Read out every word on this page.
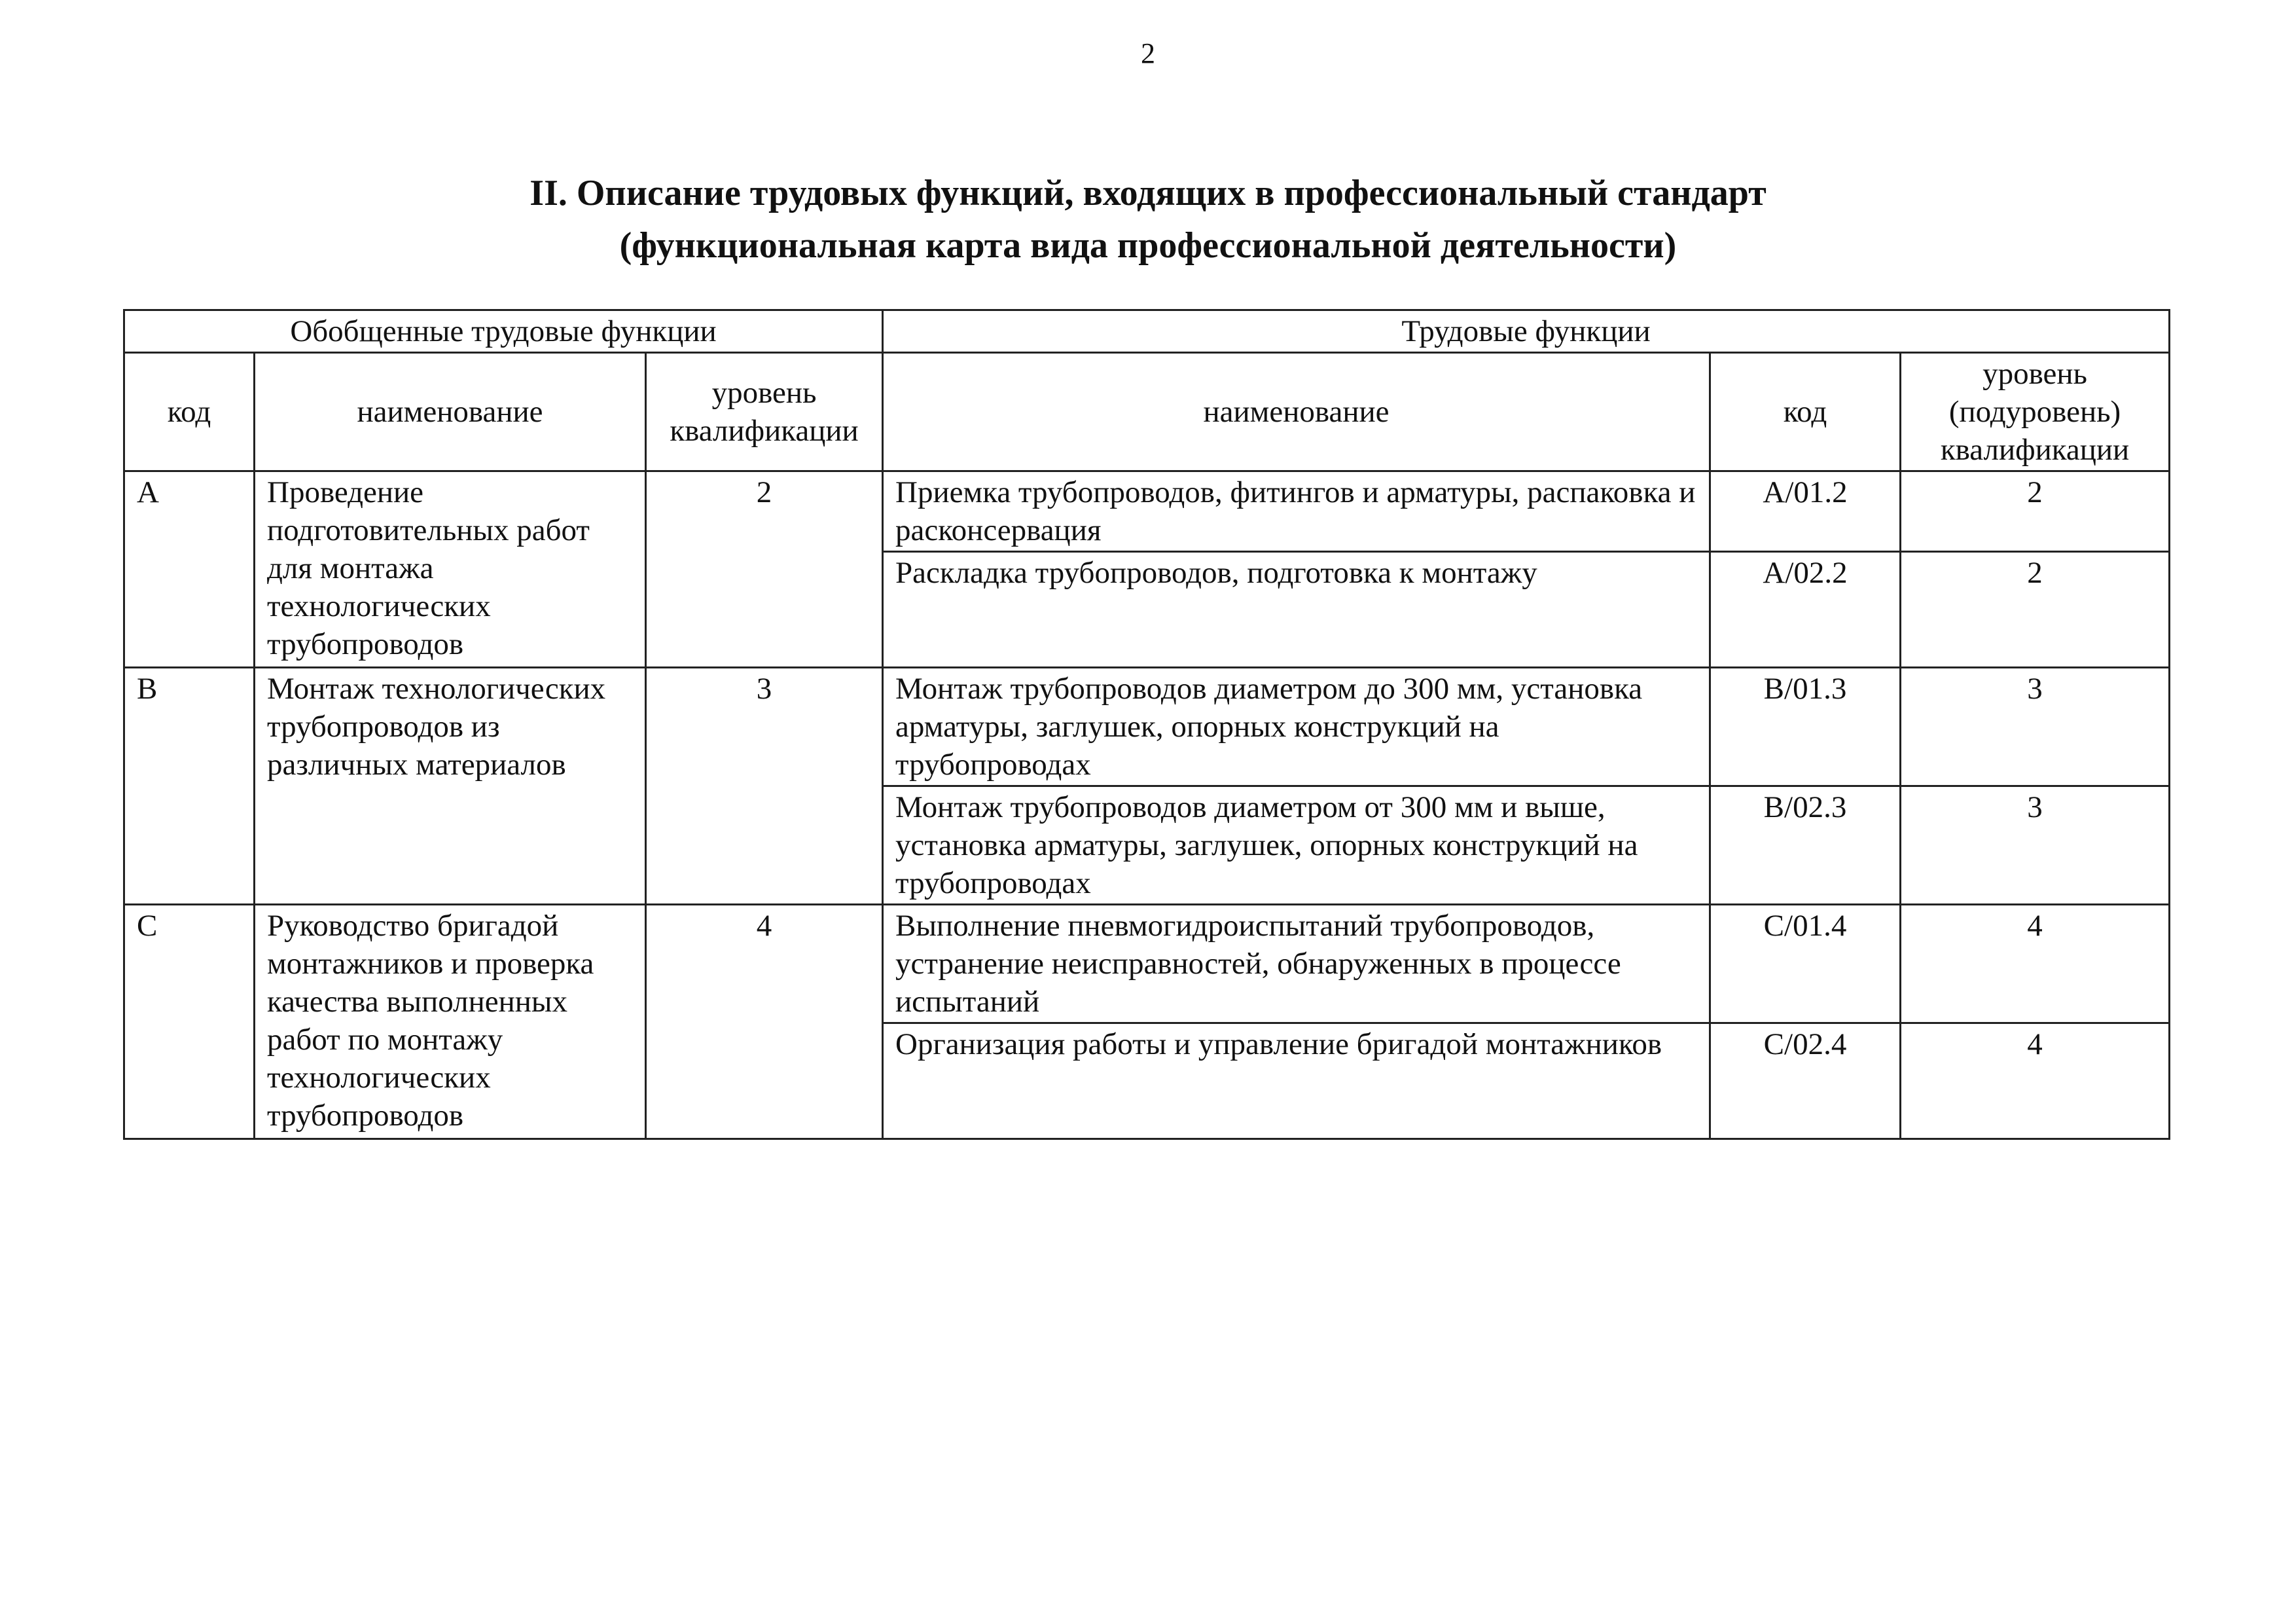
2
II. Описание трудовых функций, входящих в профессиональный стандарт
(функциональная карта вида профессиональной деятельности)
Обобщенные трудовые функции			Трудовые функции		
код	наименование	уровень квалификации	наименование	код	уровень (подуровень) квалификации
А	Проведение подготовительных работ для монтажа технологических трубопроводов	2	Приемка трубопроводов, фитингов и арматуры, распаковка и расконсервация	А/01.2	2
			Раскладка трубопроводов, подготовка к монтажу	А/02.2	2
В	Монтаж технологических трубопроводов из различных материалов	3	Монтаж трубопроводов диаметром до 300 мм, установка арматуры, заглушек, опорных конструкций на трубопроводах	В/01.3	3
			Монтаж трубопроводов диаметром от 300 мм и выше, установка арматуры, заглушек, опорных конструкций на трубопроводах	В/02.3	3
С	Руководство бригадой монтажников и проверка качества выполненных работ по монтажу технологических трубопроводов	4	Выполнение пневмогидроиспытаний трубопроводов, устранение неисправностей, обнаруженных в процессе испытаний	С/01.4	4
			Организация работы и управление бригадой монтажников	С/02.4	4
